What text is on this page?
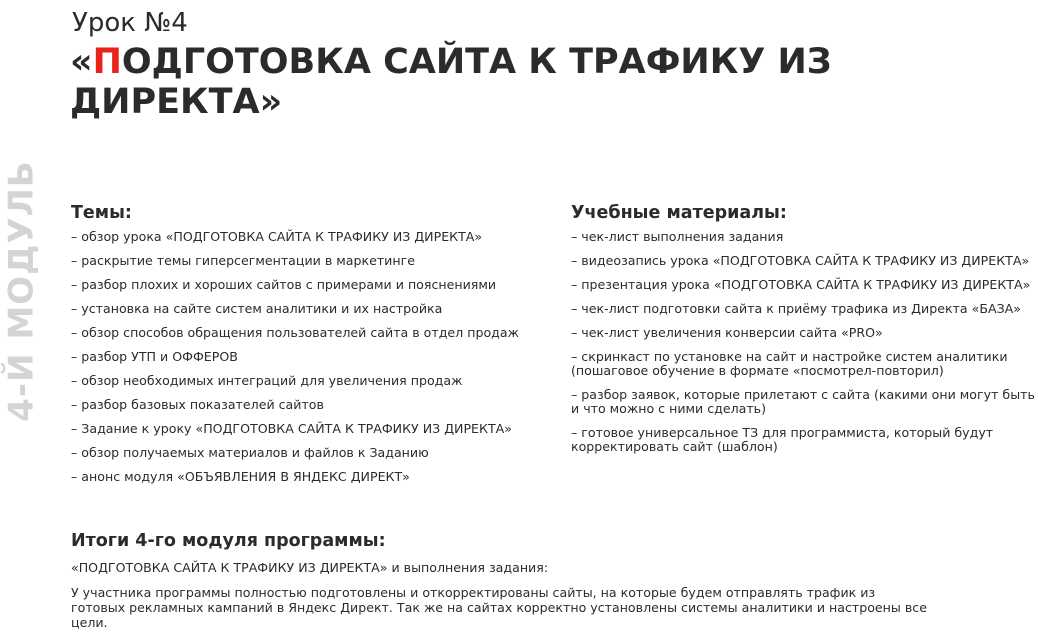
4-Й МОДУЛЬ
Урок №4
«ПОДГОТОВКА САЙТА К ТРАФИКУ ИЗ ДИРЕКТА»
Темы:
– обзор урока «ПОДГОТОВКА САЙТА К ТРАФИКУ ИЗ ДИРЕКТА»
– раскрытие темы гиперсегментации в маркетинге
– разбор плохих и хороших сайтов с примерами и пояснениями
– установка на сайте систем аналитики и их настройка
– обзор способов обращения пользователей сайта в отдел продаж
– разбор УТП и ОФФЕРОВ
– обзор необходимых интеграций для увеличения продаж
– разбор базовых показателей сайтов
– Задание к уроку «ПОДГОТОВКА САЙТА К ТРАФИКУ ИЗ ДИРЕКТА»
– обзор получаемых материалов и файлов к Заданию
– анонс модуля «ОБЪЯВЛЕНИЯ В ЯНДЕКС ДИРЕКТ»
Учебные материалы:
– чек-лист выполнения задания
– видеозапись урока «ПОДГОТОВКА САЙТА К ТРАФИКУ ИЗ ДИРЕКТА»
– презентация урока «ПОДГОТОВКА САЙТА К ТРАФИКУ ИЗ ДИРЕКТА»
– чек-лист подготовки сайта к приёму трафика из Директа «БАЗА»
– чек-лист увеличения конверсии сайта «PRO»
– скринкаст по установке на сайт и настройке систем аналитики (пошаговое обучение в формате «посмотрел-повторил)
– разбор заявок, которые прилетают с сайта (какими они могут быть и что можно с ними сделать)
– готовое универсальное ТЗ для программиста, который будут корректировать сайт (шаблон)
Итоги 4-го модуля программы:

«ПОДГОТОВКА САЙТА К ТРАФИКУ ИЗ ДИРЕКТА» и выполнения задания:

У участника программы полностью подготовлены и откорректированы сайты, на которые будем отправлять трафик из готовых рекламных кампаний в Яндекс Директ. Так же на сайтах корректно установлены системы аналитики и настроены все цели.
